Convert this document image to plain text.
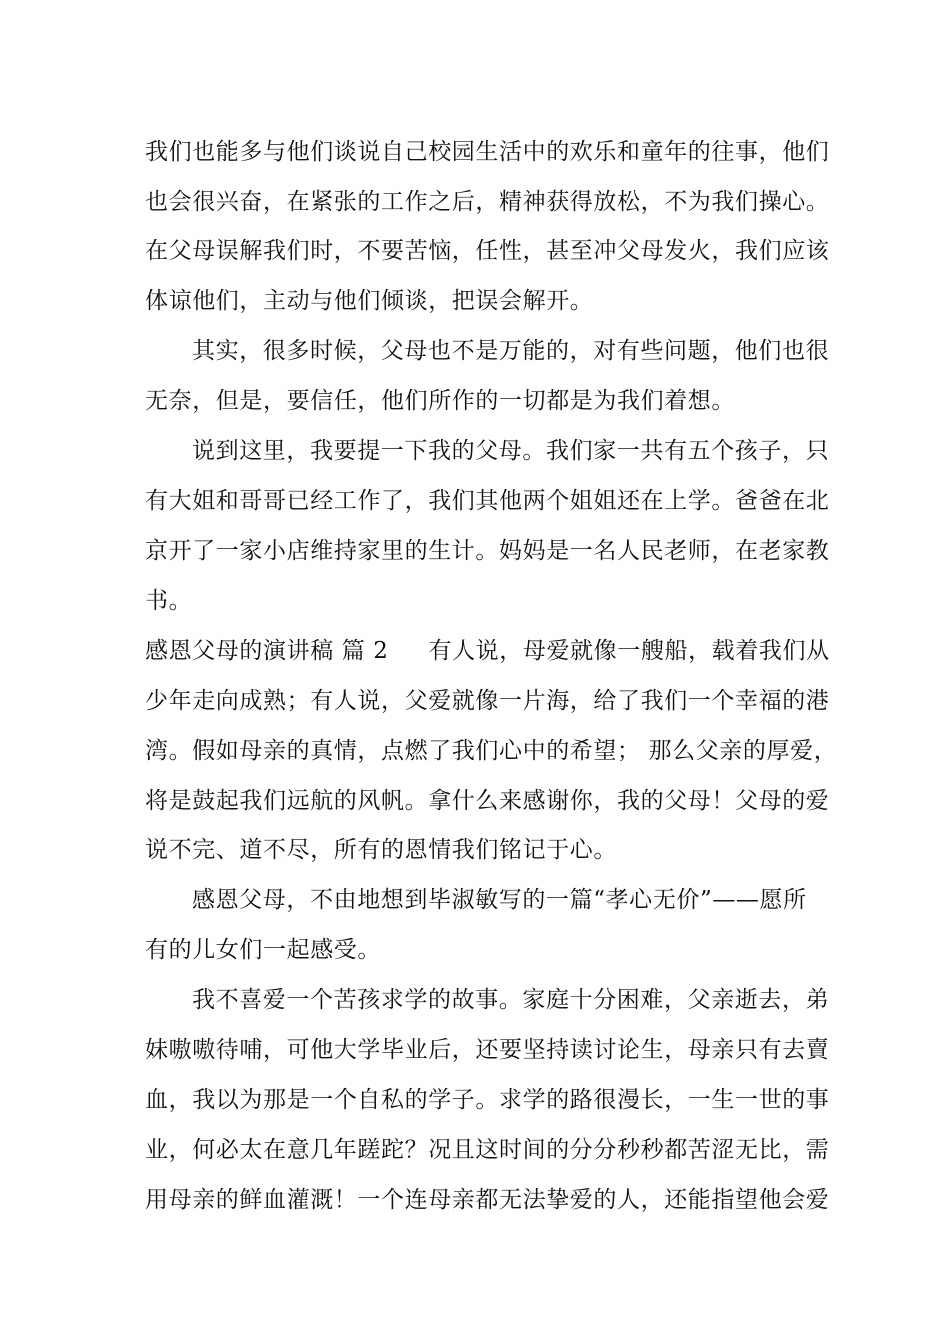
我们也能多与他们谈说自己校园生活中的欢乐和童年的往事，他们
也会很兴奋，在紧张的工作之后，精神获得放松，不为我们操心。
在父母误解我们时，不要苦恼，任性，甚至冲父母发火，我们应该
体谅他们，主动与他们倾谈，把误会解开。
其实，很多时候，父母也不是万能的，对有些问题，他们也很
无奈，但是，要信任，他们所作的一切都是为我们着想。
说到这里，我要提一下我的父母。我们家一共有五个孩子，只
有大姐和哥哥已经工作了，我们其他两个姐姐还在上学。爸爸在北
京开了一家小店维持家里的生计。妈妈是一名人民老师，在老家教
书。
感恩父母的演讲稿 篇 2 有人说，母爱就像一艘船，载着我们从
少年走向成熟；有人说，父爱就像一片海，给了我们一个幸福的港
湾。假如母亲的真情，点燃了我们心中的希望； 那么父亲的厚爱，
将是鼓起我们远航的风帆。拿什么来感谢你，我的父母！父母的爱
说不完、道不尽，所有的恩情我们铭记于心。
感恩父母，不由地想到毕淑敏写的一篇“孝心无价”——愿所
有的儿女们一起感受。
我不喜爱一个苦孩求学的故事。家庭十分困难，父亲逝去，弟
妹嗷嗷待哺，可他大学毕业后，还要坚持读讨论生，母亲只有去賣
血，我以为那是一个自私的学子。求学的路很漫长，一生一世的事
业，何必太在意几年蹉跎？况且这时间的分分秒秒都苦涩无比，需
用母亲的鲜血灌溉！一个连母亲都无法挚爱的人，还能指望他会爱
